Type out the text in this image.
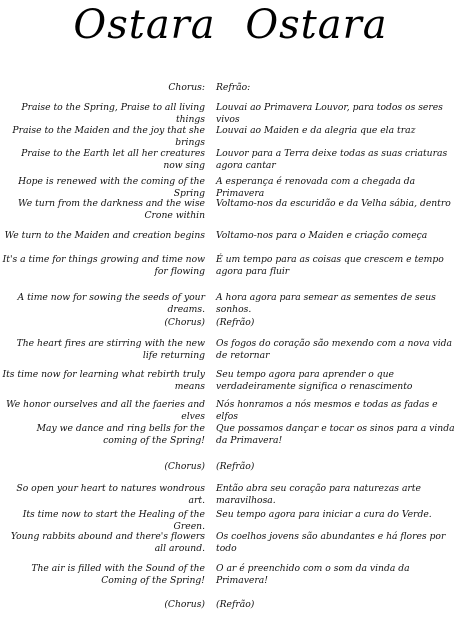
Ostara Ostara
Chorus: Refrão:
Praise to the Spring, Praise to all living things
Louvai ao Primavera Louvor, para todos os seres vivos
Praise to the Maiden and the joy that she brings
Louvai ao Maiden e da alegria que ela traz
Praise to the Earth let all her creatures now sing
Louvor para a Terra deixe todas as suas criaturas agora cantar
Hope is renewed with the coming of the Spring
A esperança é renovada com a chegada da Primavera
We turn from the darkness and the wise Crone within
Voltamo-nos da escuridão e da Velha sábia, dentro
We turn to the Maiden and creation begins Voltamo-nos para o Maiden e criação começa
It's a time for things growing and time now for flowing
É um tempo para as coisas que crescem e tempo agora para fluir
A time now for sowing the seeds of your dreams.
A hora agora para semear as sementes de seus sonhos.
(Chorus) (Refrão)
The heart fires are stirring with the new life returning
Os fogos do coração são mexendo com a nova vida de retornar
Its time now for learning what rebirth truly means
Seu tempo agora para aprender o que verdadeiramente significa o renascimento
We honor ourselves and all the faeries and elves
Nós honramos a nós mesmos e todas as fadas e elfos
May we dance and ring bells for the coming of the Spring!
Que possamos dançar e tocar os sinos para a vinda da Primavera!
(Chorus) (Refrão)
So open your heart to natures wondrous art.
Então abra seu coração para naturezas arte maravilhosa.
Its time now to start the Healing of the Green.
Seu tempo agora para iniciar a cura do Verde.
Young rabbits abound and there's flowers all around.
Os coelhos jovens são abundantes e há flores por todo
The air is filled with the Sound of the Coming of the Spring!
O ar é preenchido com o som da vinda da Primavera!
(Chorus) (Refrão)
